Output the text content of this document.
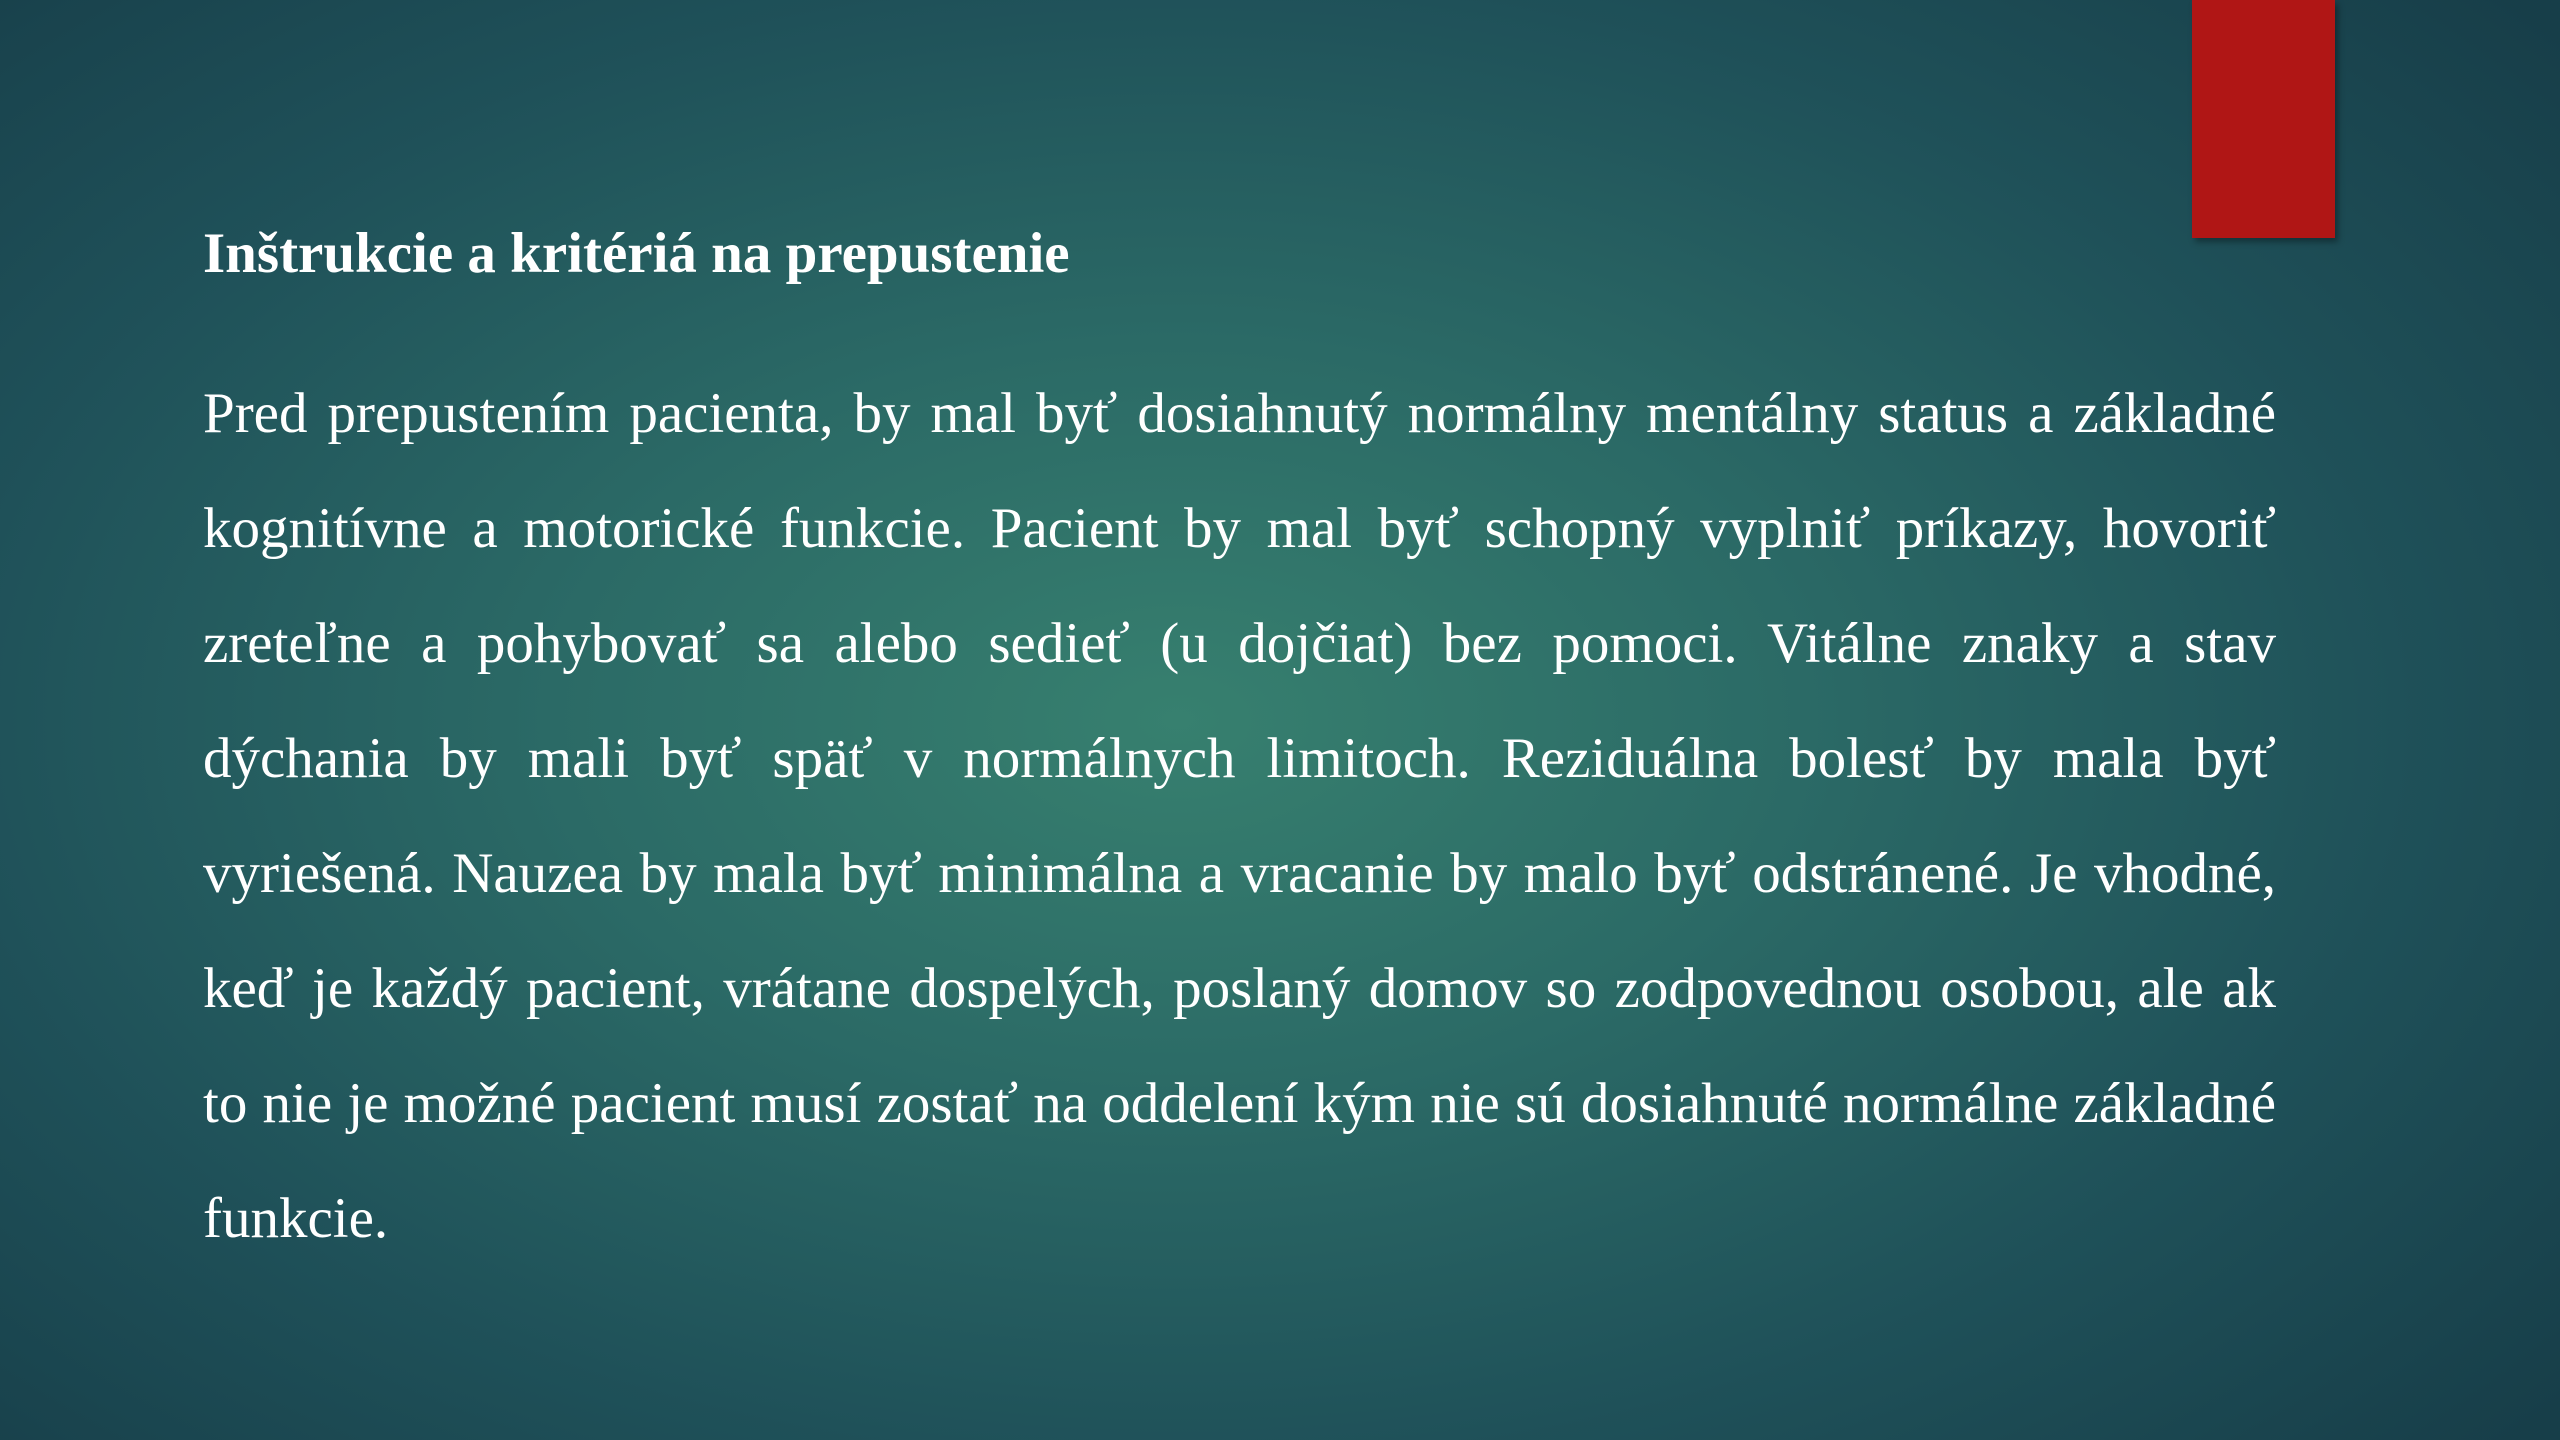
Inštrukcie a kritériá na prepustenie

Pred prepustením pacienta, by mal byť dosiahnutý normálny mentálny status a základné kognitívne a motorické funkcie. Pacient by mal byť schopný vyplniť príkazy, hovoriť zreteľne a pohybovať sa alebo sedieť (u dojčiat) bez pomoci. Vitálne znaky a stav dýchania by mali byť späť v normálnych limitoch. Reziduálna bolesť by mala byť vyriešená. Nauzea by mala byť minimálna a vracanie by malo byť odstránené. Je vhodné, keď je každý pacient, vrátane dospelých, poslaný domov so zodpovednou osobou, ale ak to nie je možné pacient musí zostať na oddelení kým nie sú dosiahnuté normálne základné funkcie.
